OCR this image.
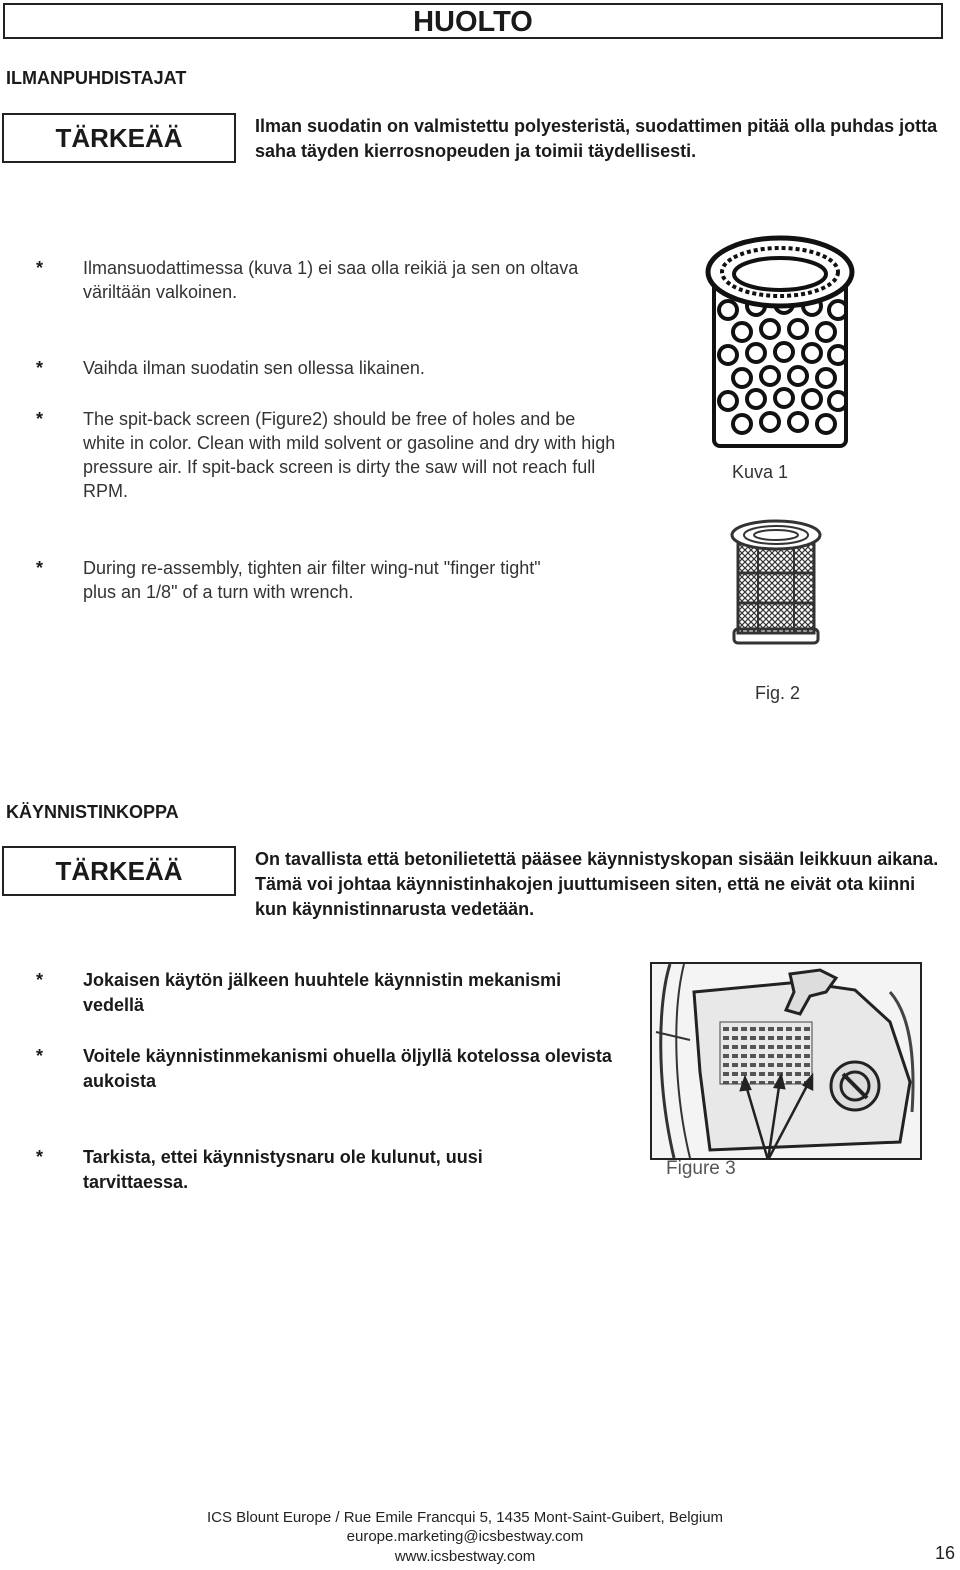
HUOLTO
ILMANPUHDISTAJAT
TÄRKEÄÄ	Ilman suodatin on valmistettu polyesteristä, suodattimen pitää olla puhdas jotta saha täyden kierrosnopeuden ja toimii täydellisesti.
* Ilmansuodattimessa (kuva 1) ei saa olla reikiä ja sen on oltava väriltään valkoinen.
* Vaihda ilman suodatin sen ollessa likainen.
* The spit-back screen (Figure2) should be free of holes and be white in color. Clean with mild solvent or gasoline and dry with high pressure air. If spit-back screen is dirty the saw will not reach full RPM.
* During re-assembly, tighten air filter wing-nut "finger tight" plus an 1/8" of a turn with wrench.
Kuva 1
Fig. 2
KÄYNNISTINKOPPA
TÄRKEÄÄ	On tavallista että betonilietettä pääsee käynnistyskopan sisään leikkuun aikana. Tämä voi johtaa käynnistinhakojen juuttumiseen siten, että ne eivät ota kiinni kun käynnistinnarusta vedetään.
* Jokaisen käytön jälkeen huuhtele käynnistin mekanismi vedellä
* Voitele käynnistinmekanismi ohuella öljyllä kotelossa olevista aukoista
* Tarkista, ettei käynnistysnaru ole kulunut, uusi tarvittaessa.
Figure 3
ICS Blount Europe / Rue Emile Francqui 5, 1435 Mont-Saint-Guibert, Belgium
europe.marketing@icsbestway.com
www.icsbestway.com	16
